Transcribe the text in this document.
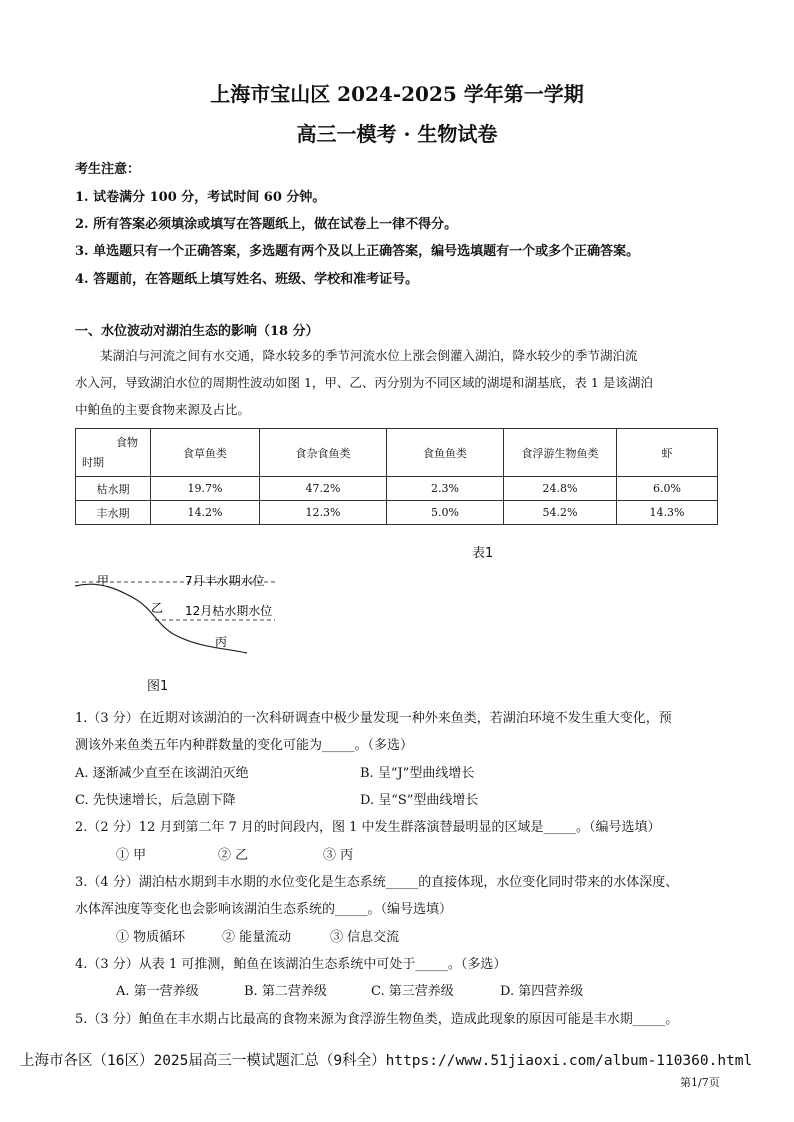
上海市宝山区 2024-2025 学年第一学期
高三一模考 · 生物试卷
考生注意：
1. 试卷满分 100 分，考试时间 60 分钟。
2. 所有答案必须填涂或填写在答题纸上，做在试卷上一律不得分。
3. 单选题只有一个正确答案，多选题有两个及以上正确答案，编号选填题有一个或多个正确答案。
4. 答题前，在答题纸上填写姓名、班级、学校和准考证号。
一、水位波动对湖泊生态的影响（18 分）
某湖泊与河流之间有水交通，降水较多的季节河流水位上涨会倒灌入湖泊，降水较少的季节湖泊流
水入河，导致湖泊水位的周期性波动如图 1，甲、乙、丙分别为不同区域的湖堤和湖基底，表 1 是该湖泊
中鲌鱼的主要食物来源及占比。
食物
时期	食草鱼类	食杂食鱼类	食鱼鱼类	食浮游生物鱼类	虾
枯水期	19.7%	47.2%	2.3%	24.8%	6.0%
丰水期	14.2%	12.3%	5.0%	54.2%	14.3%
表1
甲	7月丰水期水位
乙 12月枯水期水位
丙
图1
1.（3 分）在近期对该湖泊的一次科研调查中极少量发现一种外来鱼类，若湖泊环境不发生重大变化，预
测该外来鱼类五年内种群数量的变化可能为_____。（多选）
A. 逐渐减少直至在该湖泊灭绝	B. 呈“J”型曲线增长
C. 先快速增长，后急剧下降	D. 呈“S”型曲线增长
2.（2 分）12 月到第二年 7 月的时间段内，图 1 中发生群落演替最明显的区域是_____。（编号选填）
① 甲	② 乙	③ 丙
3.（4 分）湖泊枯水期到丰水期的水位变化是生态系统_____的直接体现，水位变化同时带来的水体深度、
水体浑浊度等变化也会影响该湖泊生态系统的_____。（编号选填）
① 物质循环	② 能量流动	③ 信息交流
4.（3 分）从表 1 可推测，鲌鱼在该湖泊生态系统中可处于_____。（多选）
A. 第一营养级	B. 第二营养级	C. 第三营养级	D. 第四营养级
5.（3 分）鲌鱼在丰水期占比最高的食物来源为食浮游生物鱼类，造成此现象的原因可能是丰水期_____。
上海市各区（16区）2025届高三一模试题汇总（9科全）https://www.51jiaoxi.com/album-110360.html
第1/7页
